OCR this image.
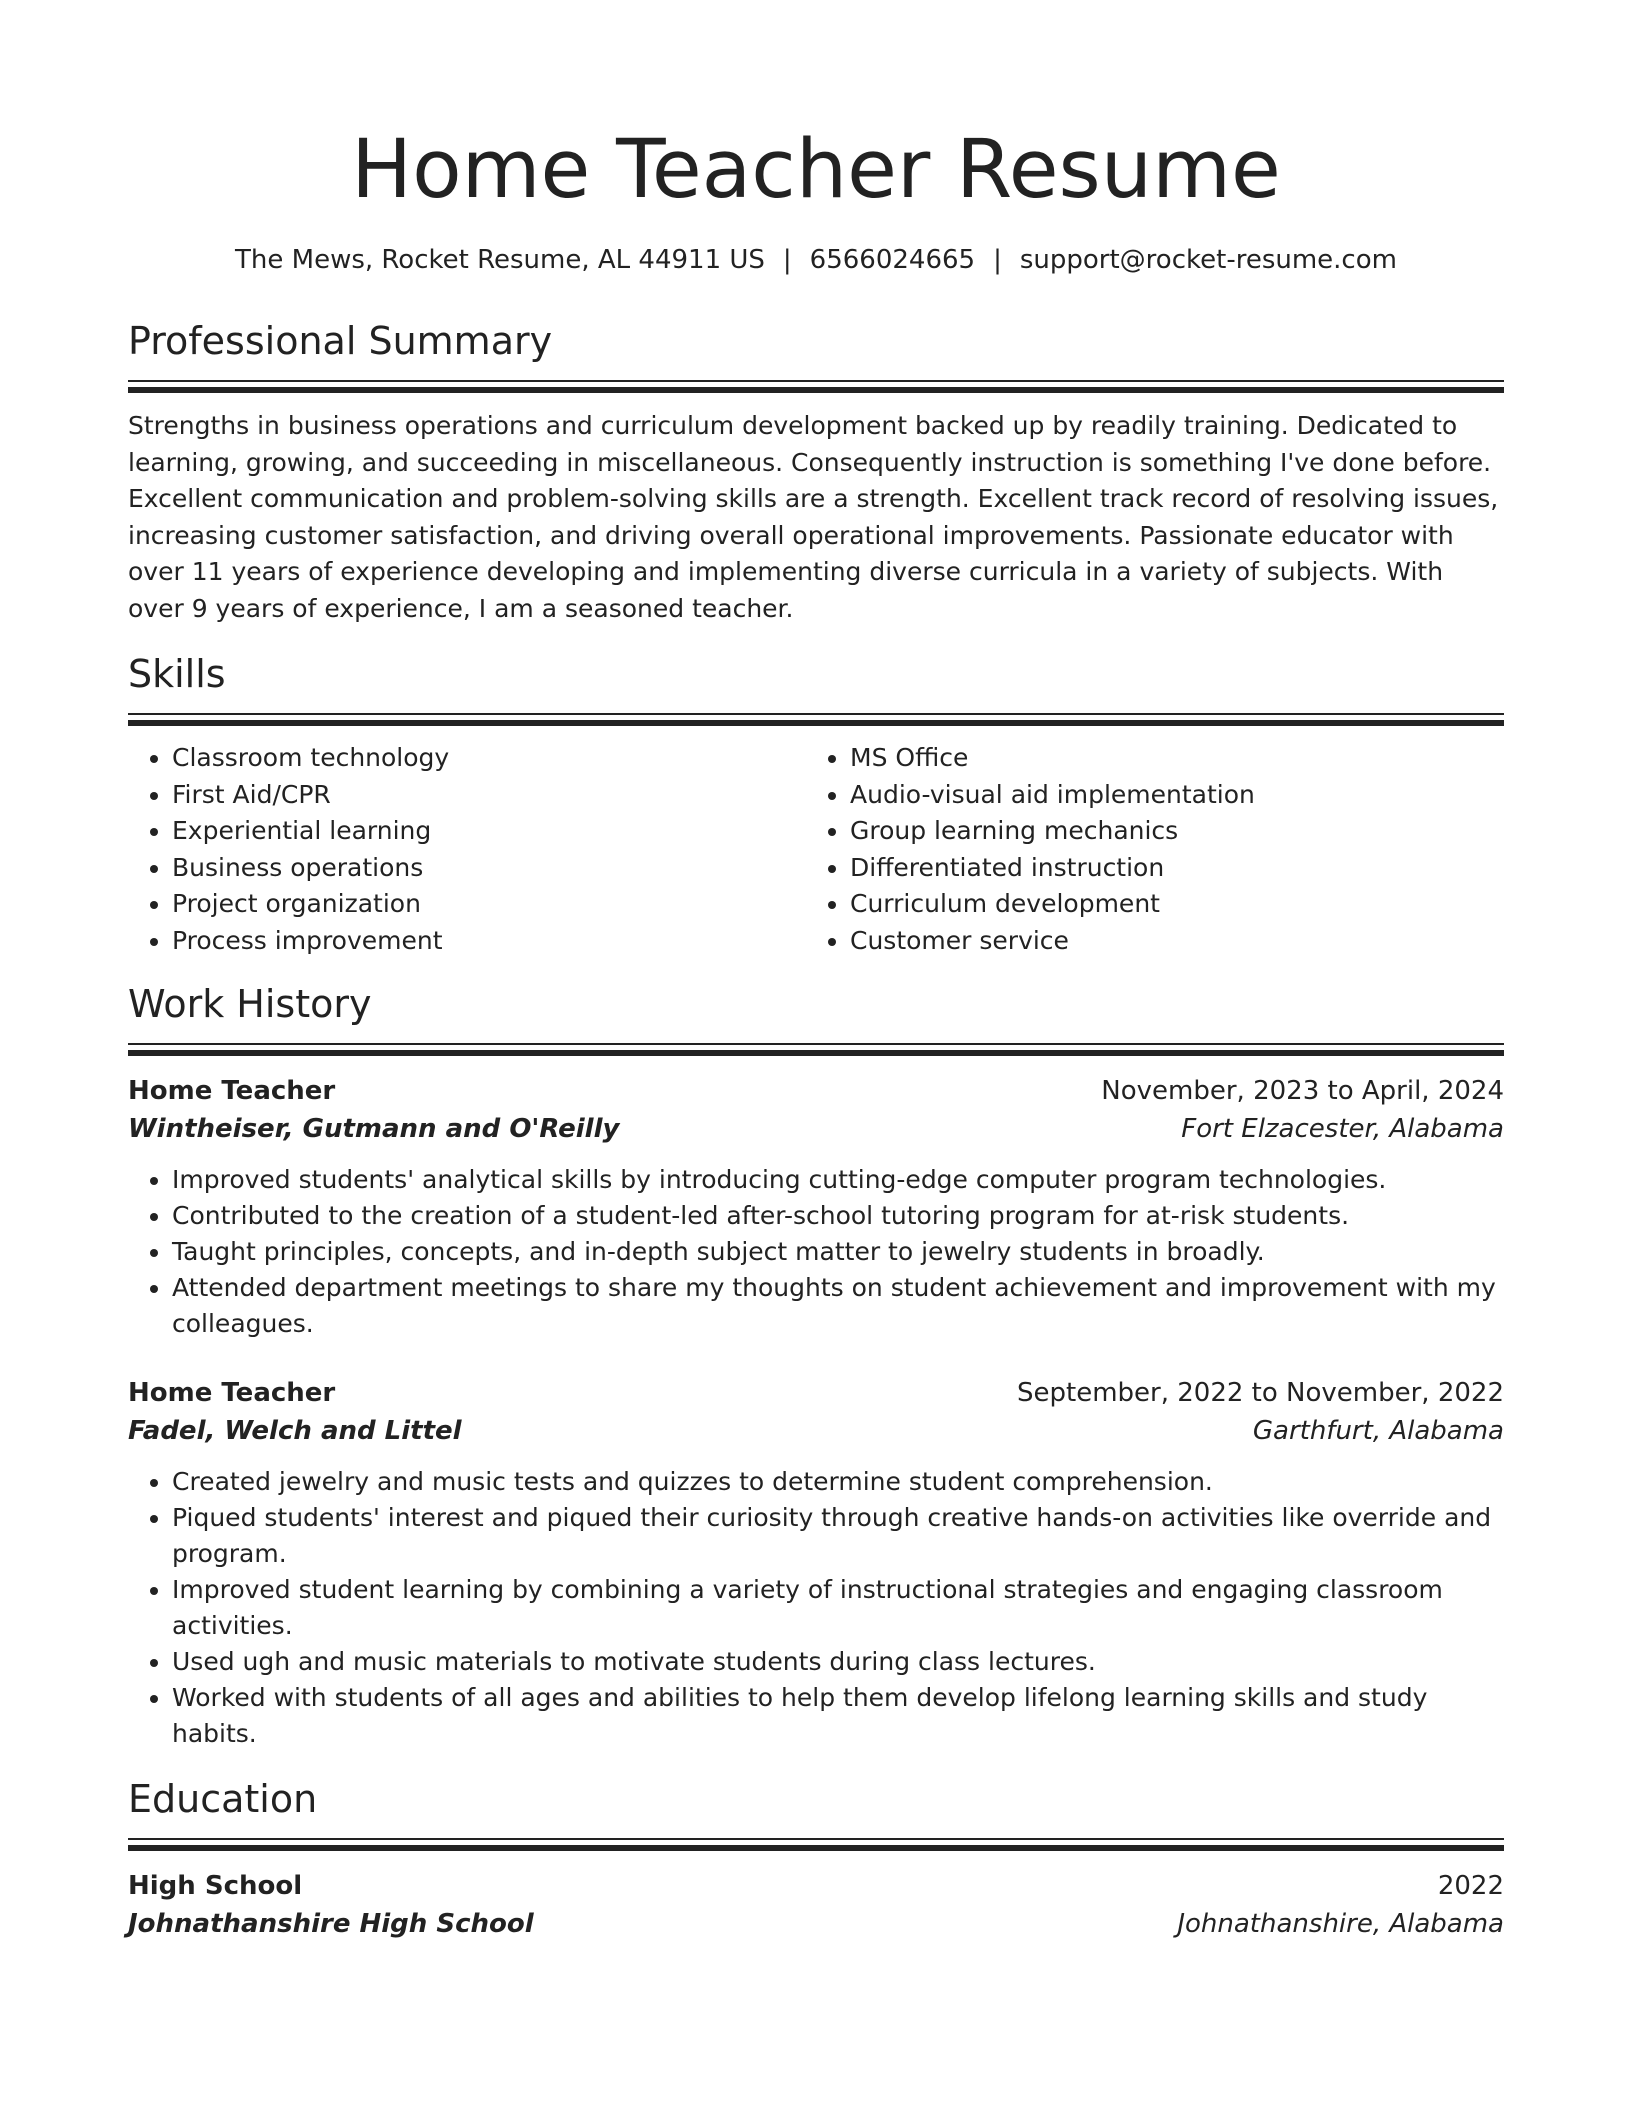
Home Teacher Resume
The Mews, Rocket Resume, AL 44911 US | 6566024665 | support@rocket-resume.com
Professional Summary
Strengths in business operations and curriculum development backed up by readily training. Dedicated to learning, growing, and succeeding in miscellaneous. Consequently instruction is something I've done before. Excellent communication and problem-solving skills are a strength. Excellent track record of resolving issues, increasing customer satisfaction, and driving overall operational improvements. Passionate educator with over 11 years of experience developing and implementing diverse curricula in a variety of subjects. With over 9 years of experience, I am a seasoned teacher.
Skills
• Classroom technology
• First Aid/CPR
• Experiential learning
• Business operations
• Project organization
• Process improvement
• MS Office
• Audio-visual aid implementation
• Group learning mechanics
• Differentiated instruction
• Curriculum development
• Customer service
Work History
Home Teacher	November, 2023 to April, 2024
Wintheiser, Gutmann and O'Reilly	Fort Elzacester, Alabama
• Improved students' analytical skills by introducing cutting-edge computer program technologies.
• Contributed to the creation of a student-led after-school tutoring program for at-risk students.
• Taught principles, concepts, and in-depth subject matter to jewelry students in broadly.
• Attended department meetings to share my thoughts on student achievement and improvement with my colleagues.
Home Teacher	September, 2022 to November, 2022
Fadel, Welch and Littel	Garthfurt, Alabama
• Created jewelry and music tests and quizzes to determine student comprehension.
• Piqued students' interest and piqued their curiosity through creative hands-on activities like override and program.
• Improved student learning by combining a variety of instructional strategies and engaging classroom activities.
• Used ugh and music materials to motivate students during class lectures.
• Worked with students of all ages and abilities to help them develop lifelong learning skills and study habits.
Education
High School	2022
Johnathanshire High School	Johnathanshire, Alabama
